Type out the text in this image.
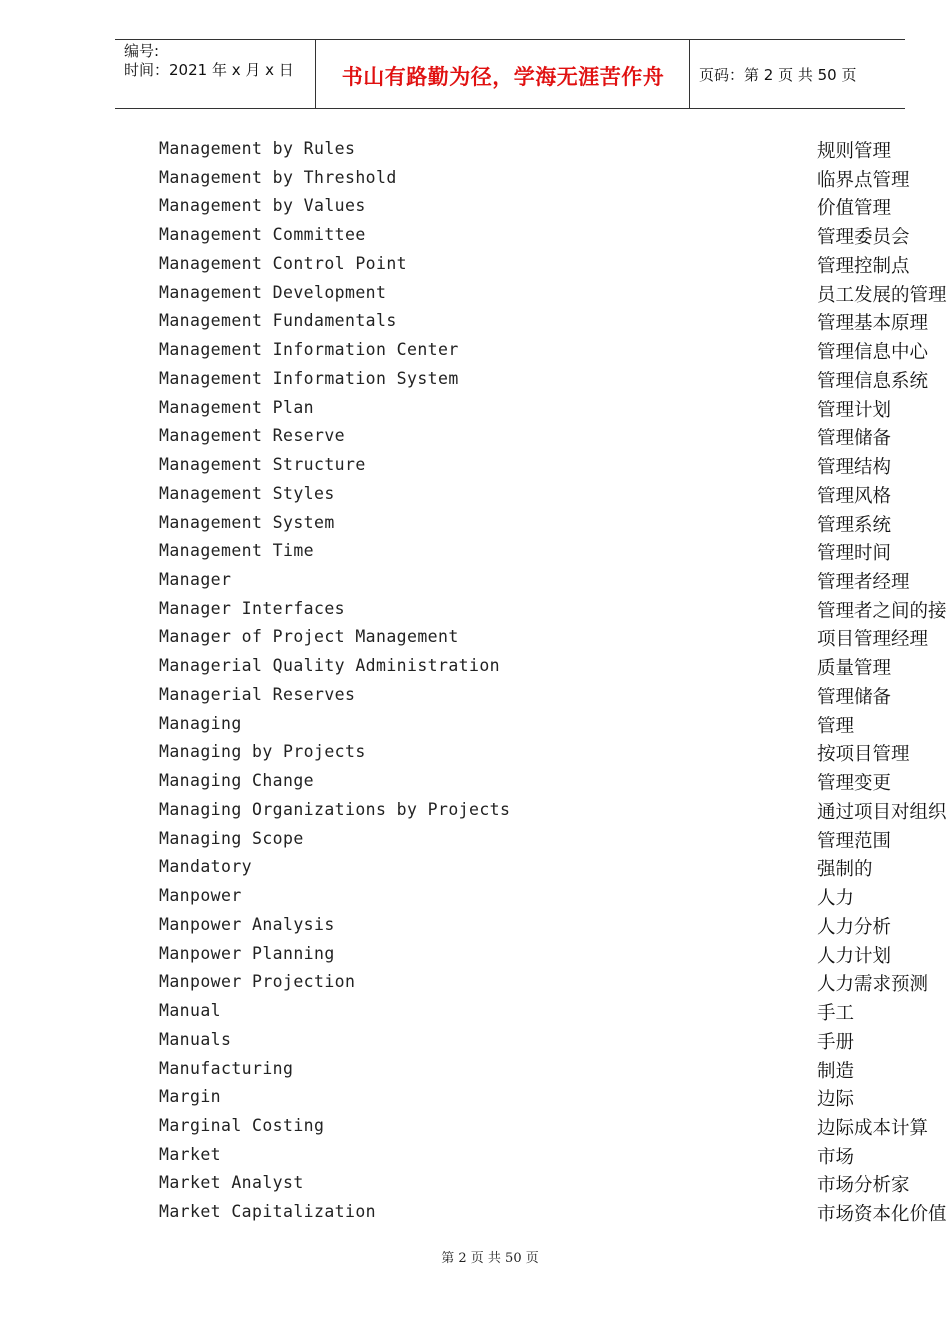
编号:
时间：2021 年 x 月 x 日	书山有路勤为径，学海无涯苦作舟	页码：第 2 页 共 50 页
Management by Rules	规则管理
Management by Threshold	临界点管理
Management by Values	价值管理
Management Committee	管理委员会
Management Control Point	管理控制点
Management Development	员工发展的管理
Management Fundamentals	管理基本原理
Management Information Center	管理信息中心
Management Information System	管理信息系统
Management Plan	管理计划
Management Reserve	管理储备
Management Structure	管理结构
Management Styles	管理风格
Management System	管理系统
Management Time	管理时间
Manager	管理者经理
Manager Interfaces	管理者之间的接
Manager of Project Management	项目管理经理
Managerial Quality Administration	质量管理
Managerial Reserves	管理储备
Managing	管理
Managing by Projects	按项目管理
Managing Change	管理变更
Managing Organizations by Projects	通过项目对组织
Managing Scope	管理范围
Mandatory	强制的
Manpower	人力
Manpower Analysis	人力分析
Manpower Planning	人力计划
Manpower Projection	人力需求预测
Manual	手工
Manuals	手册
Manufacturing	制造
Margin	边际
Marginal Costing	边际成本计算
Market	市场
Market Analyst	市场分析家
Market Capitalization	市场资本化价值
第 2 页 共 50 页
